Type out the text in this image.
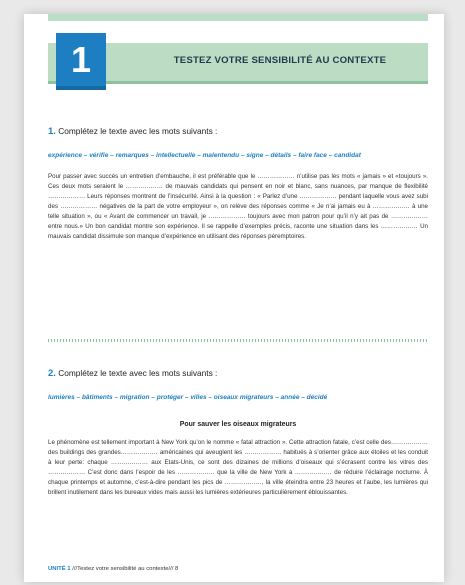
1	TESTEZ VOTRE SENSIBILITÉ AU CONTEXTE
1. Complétez le texte avec les mots suivants :
expérience – vérifie – remarques – intellectuelle – malentendu – signe – détails – faire face – candidat
Pour passer avec succès un entretien d’embauche, il est préférable que le ……………… n’utilise pas les mots « jamais » et «toujours ». Ces deux mots seraient le ……………… de mauvais candidats qui pensent en noir et blanc, sans nuances, par manque de flexibilité ……………… Leurs réponses montrent de l’insécurité. Ainsi à la question : « Parlez d’une ……………… pendant laquelle vous avez subi des ……………… négatives de la part de votre employeur », on relève des réponses comme « Je n’ai jamais eu à ……………… à une telle situation », ou « Avant de commencer un travail, je ……………… toujours avec mon patron pour qu’il n’y ait pas de ……………… entre nous.» Un bon candidat montre son expérience. Il se rappelle d’exemples précis, raconte une situation dans les ……………… Un mauvais candidat dissimule son manque d’expérience en utilisant des réponses péremptoires.
2. Complétez le texte avec les mots suivants :
lumières – bâtiments – migration – protéger – villes – oiseaux migrateurs – année – décidé
Pour sauver les oiseaux migrateurs
Le phénomène est tellement important à New York qu’on le nomme « fatal attraction ». Cette attraction fatale, c’est celle des……………… des buildings des grandes……………… américaines qui aveuglent les ……………… habitués à s’orienter grâce aux étoiles et les conduit à leur perte: chaque ……………… aux Etats-Unis, ce sont des dizaines de millions d’oiseaux qui s’écrasent contre les vitres des ……………… C’est donc dans l’espoir de les ……………… que la ville de New York a ……………… de réduire l’éclairage nocturne. À chaque printemps et automne, c’est-à-dire pendant les pics de ………………, la ville éteindra entre 23 heures et l’aube, les lumières qui brillent inutilement dans les bureaux vides mais aussi les lumières extérieures particulièrement éblouissantes.
UNITÉ 1 ///Testez votre sensibilité au contexte/// 8
